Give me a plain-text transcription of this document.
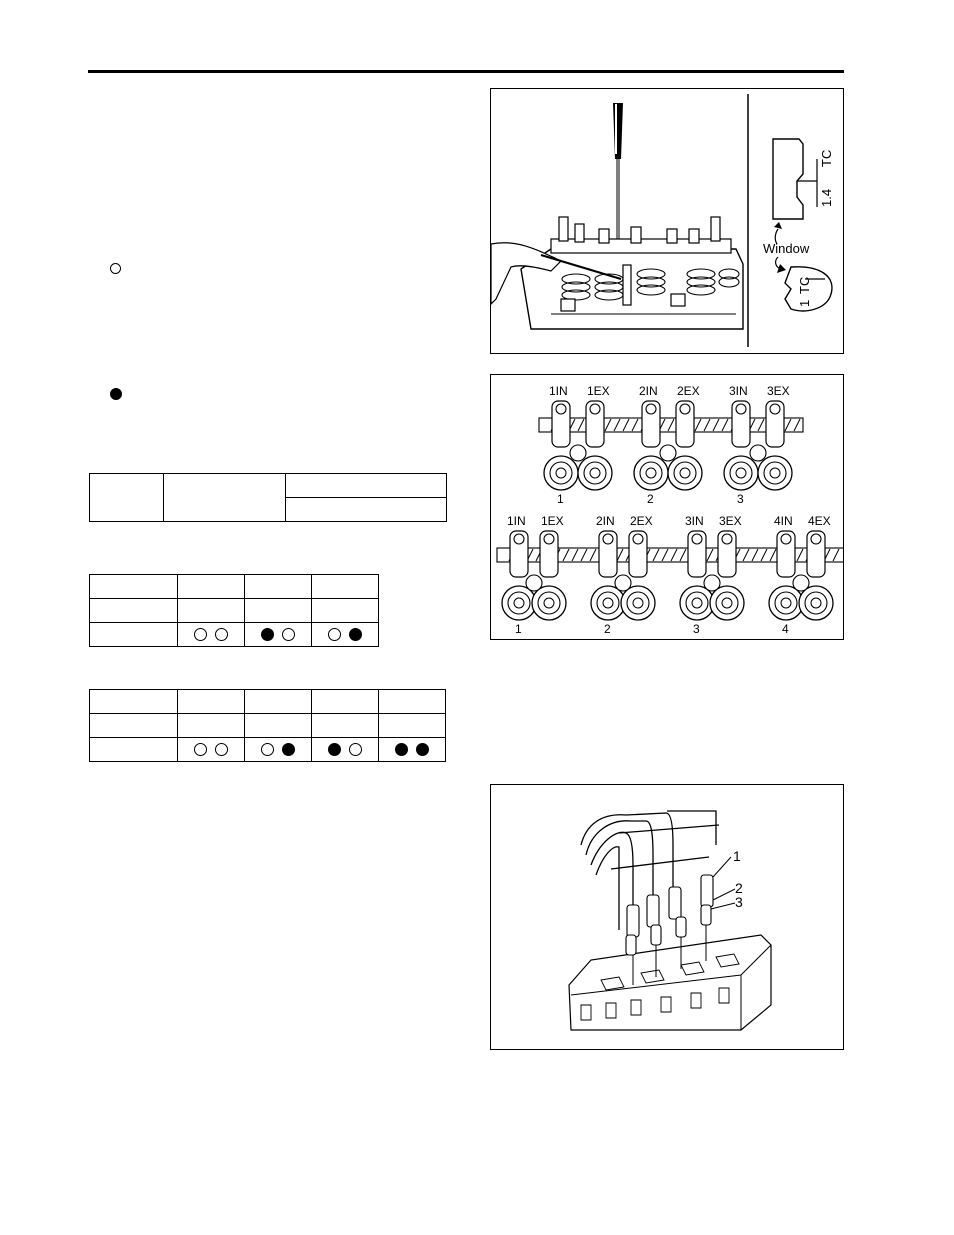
TC
1.4
Window
1
TC
1IN 1EX
1
2IN 2EX
2
3IN 3EX
3
1IN 1EX
1
2IN 2EX
2
3IN 3EX
3
4IN 4EX
4
1
2
3
